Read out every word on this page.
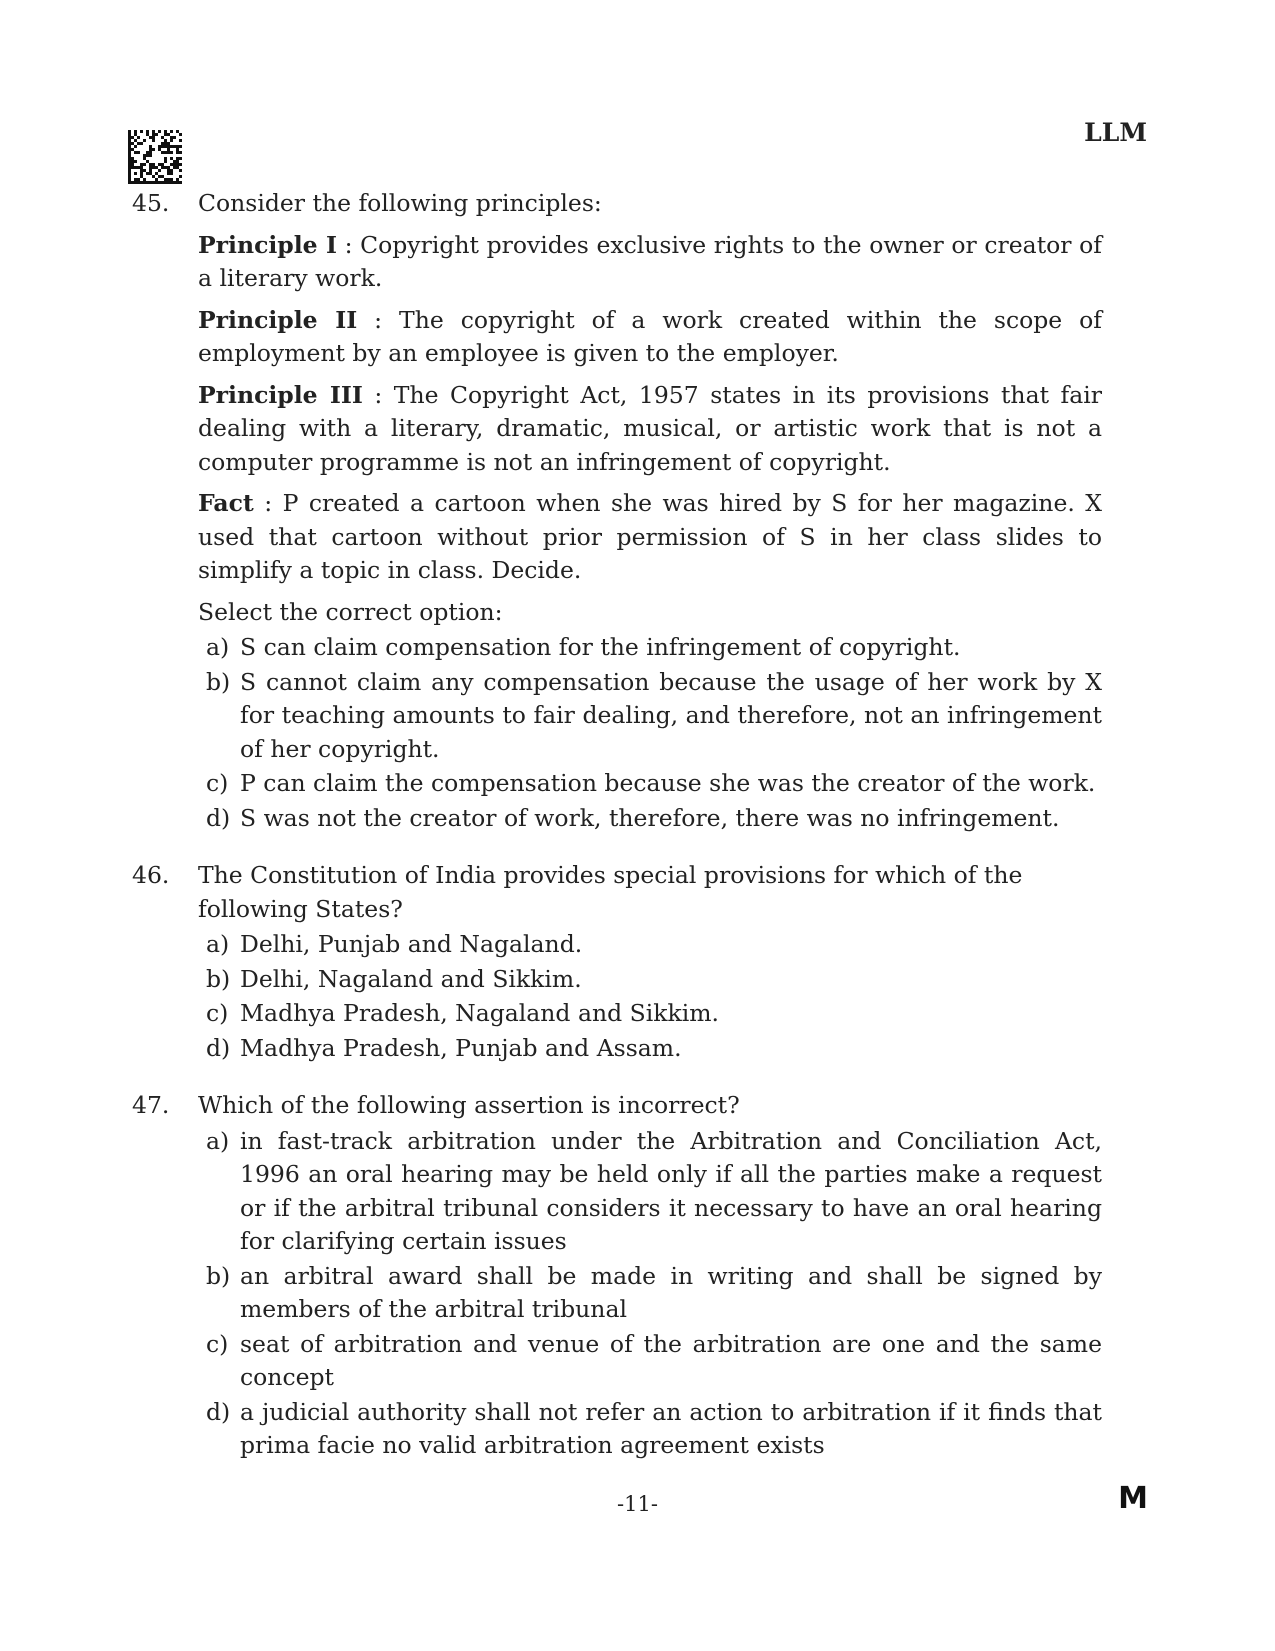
LLM
45.	Consider the following principles:

Principle I : Copyright provides exclusive rights to the owner or creator of a literary work.

Principle II : The copyright of a work created within the scope of employment by an employee is given to the employer.

Principle III : The Copyright Act, 1957 states in its provisions that fair dealing with a literary, dramatic, musical, or artistic work that is not a computer programme is not an infringement of copyright.

Fact : P created a cartoon when she was hired by S for her magazine. X used that cartoon without prior permission of S in her class slides to simplify a topic in class. Decide.

Select the correct option:

a) S can claim compensation for the infringement of copyright.
b) S cannot claim any compensation because the usage of her work by X for teaching amounts to fair dealing, and therefore, not an infringement of her copyright.
c) P can claim the compensation because she was the creator of the work.
d) S was not the creator of work, therefore, there was no infringement.
46.	The Constitution of India provides special provisions for which of the following States?

a) Delhi, Punjab and Nagaland.
b) Delhi, Nagaland and Sikkim.
c) Madhya Pradesh, Nagaland and Sikkim.
d) Madhya Pradesh, Punjab and Assam.
47.	Which of the following assertion is incorrect?

a) in fast-track arbitration under the Arbitration and Conciliation Act, 1996 an oral hearing may be held only if all the parties make a request or if the arbitral tribunal considers it necessary to have an oral hearing for clarifying certain issues
b) an arbitral award shall be made in writing and shall be signed by members of the arbitral tribunal
c) seat of arbitration and venue of the arbitration are one and the same concept
d) a judicial authority shall not refer an action to arbitration if it finds that prima facie no valid arbitration agreement exists
-11-	M
